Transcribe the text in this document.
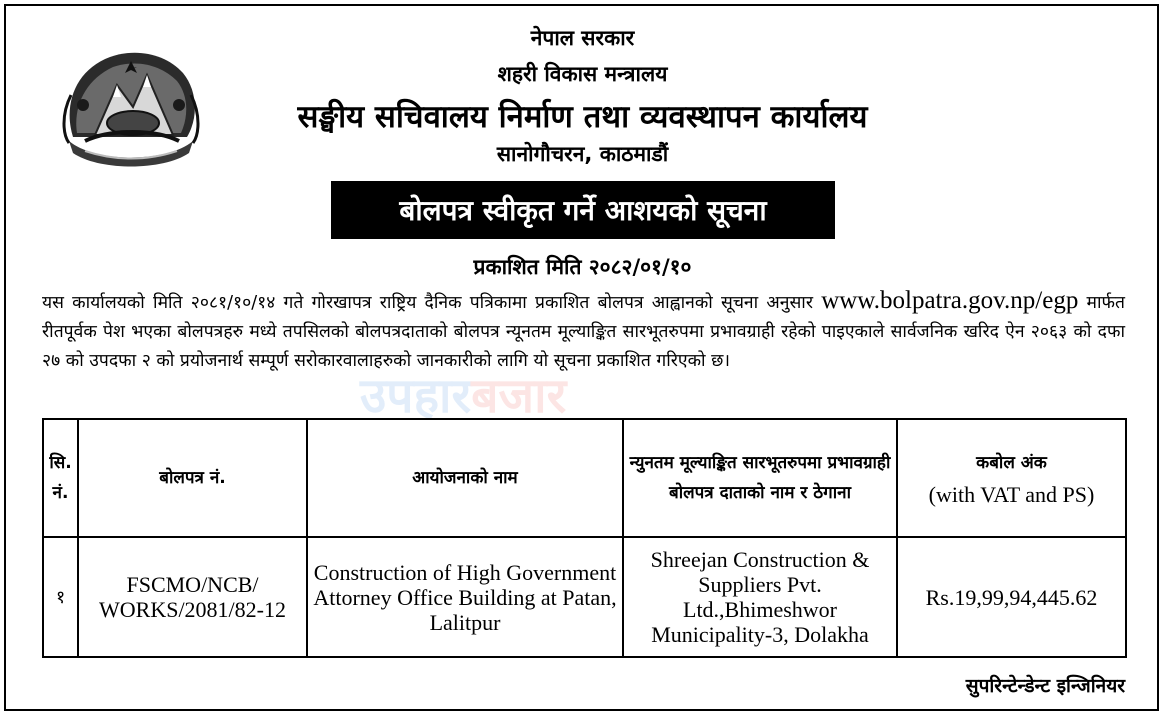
नेपाल सरकार
शहरी विकास मन्त्रालय
सङ्घीय सचिवालय निर्माण तथा व्यवस्थापन कार्यालय
सानोगौचरन, काठमाडौं
बोलपत्र स्वीकृत गर्ने आशयको सूचना
प्रकाशित मिति २०८२/०१/१०
उपहारबजार
यस कार्यालयको मिति २०८१/१०/१४ गते गोरखापत्र राष्ट्रिय दैनिक पत्रिकामा प्रकाशित बोलपत्र आह्वानको सूचना अनुसार www.bolpatra.gov.np/egp मार्फत रीतपूर्वक पेश भएका बोलपत्रहरु मध्ये तपसिलको बोलपत्रदाताको बोलपत्र न्यूनतम मूल्याङ्कित सारभूतरुपमा प्रभावग्राही रहेको पाइएकाले सार्वजनिक खरिद ऐन २०६३ को दफा २७ को उपदफा २ को प्रयोजनार्थ सम्पूर्ण सरोकारवालाहरुको जानकारीको लागि यो सूचना प्रकाशित गरिएको छ।
सि. नं.	बोलपत्र नं.	आयोजनाको नाम	न्युनतम मूल्याङ्कित सारभूतरुपमा प्रभावग्राही बोलपत्र दाताको नाम र ठेगाना	कबोल अंक
(with VAT and PS)
१	FSCMO/NCB/ WORKS/2081/82-12	Construction of High Government Attorney Office Building at Patan, Lalitpur	Shreejan Construction & Suppliers Pvt. Ltd.,Bhimeshwor Municipality-3, Dolakha	Rs.19,99,94,445.62
सुपरिन्टेन्डेन्ट इन्जिनियर
